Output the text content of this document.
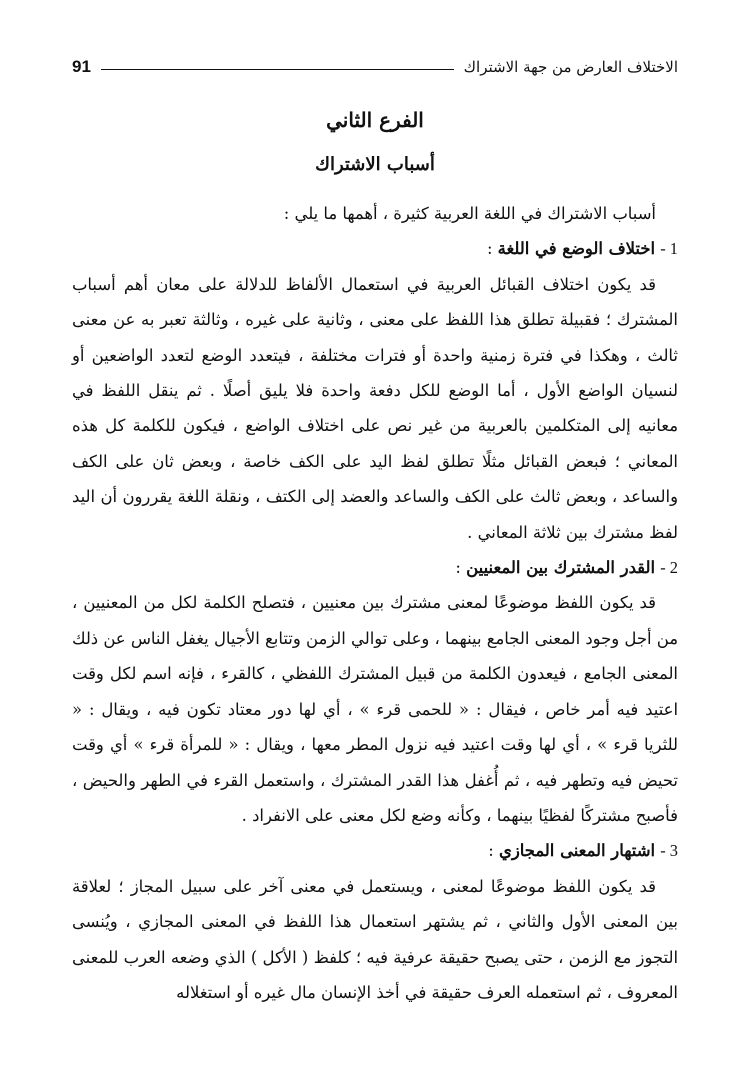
الاختلاف العارض من جهة الاشتراك
91
الفرع الثاني
أسباب الاشتراك

أسباب الاشتراك في اللغة العربية كثيرة ، أهمها ما يلي :

1 - اختلاف الوضع في اللغة :

قد يكون اختلاف القبائل العربية في استعمال الألفاظ للدلالة على معان أهم أسباب المشترك ؛ فقبيلة تطلق هذا اللفظ على معنى ، وثانية على غيره ، وثالثة تعبر به عن معنى ثالث ، وهكذا في فترة زمنية واحدة أو فترات مختلفة ، فيتعدد الوضع لتعدد الواضعين أو لنسيان الواضع الأول ، أما الوضع للكل دفعة واحدة فلا يليق أصلًا . ثم ينقل اللفظ في معانيه إلى المتكلمين بالعربية من غير نص على اختلاف الواضع ، فيكون للكلمة كل هذه المعاني ؛ فبعض القبائل مثلًا تطلق لفظ اليد على الكف خاصة ، وبعض ثان على الكف والساعد ، وبعض ثالث على الكف والساعد والعضد إلى الكتف ، ونقلة اللغة يقررون أن اليد لفظ مشترك بين ثلاثة المعاني .

2 - القدر المشترك بين المعنيين :

قد يكون اللفظ موضوعًا لمعنى مشترك بين معنيين ، فتصلح الكلمة لكل من المعنيين ، من أجل وجود المعنى الجامع بينهما ، وعلى توالي الزمن وتتابع الأجيال يغفل الناس عن ذلك المعنى الجامع ، فيعدون الكلمة من قبيل المشترك اللفظي ، كالقرء ، فإنه اسم لكل وقت اعتيد فيه أمر خاص ، فيقال : « للحمى قرء » ، أي لها دور معتاد تكون فيه ، ويقال : « للثريا قرء » ، أي لها وقت اعتيد فيه نزول المطر معها ، ويقال : « للمرأة قرء » أي وقت تحيض فيه وتطهر فيه ، ثم أُغفل هذا القدر المشترك ، واستعمل القرء في الطهر والحيض ، فأصبح مشتركًا لفظيًا بينهما ، وكأنه وضع لكل معنى على الانفراد .

3 - اشتهار المعنى المجازي :

قد يكون اللفظ موضوعًا لمعنى ، ويستعمل في معنى آخر على سبيل المجاز ؛ لعلاقة بين المعنى الأول والثاني ، ثم يشتهر استعمال هذا اللفظ في المعنى المجازي ، ويُنسى التجوز مع الزمن ، حتى يصبح حقيقة عرفية فيه ؛ كلفظ ( الأكل ) الذي وضعه العرب للمعنى المعروف ، ثم استعمله العرف حقيقة في أخذ الإنسان مال غيره أو استغلاله
